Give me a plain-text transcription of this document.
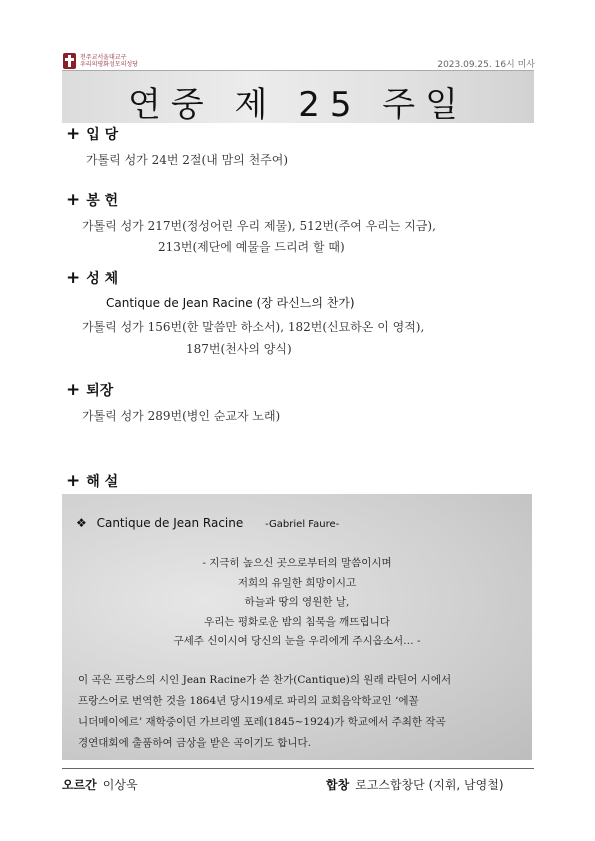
천주교서울대교구
우리의평화성모의성당	2023.09.25. 16시 미사
연중 제 25 주일
+ 입 당
가톨릭 성가 24번 2절(내 맘의 천주여)
+ 봉 헌
가톨릭 성가 217번(정성어린 우리 제물), 512번(주여 우리는 지금),
213번(제단에 예물을 드리려 할 때)
+ 성 체
Cantique de Jean Racine (장 라신느의 찬가)
가톨릭 성가 156번(한 말씀만 하소서), 182번(신묘하온 이 영적),
187번(천사의 양식)
+ 퇴장
가톨릭 성가 289번(병인 순교자 노래)
+ 해 설
❖ Cantique de Jean Racine -Gabriel Faure-
- 지극히 높으신 곳으로부터의 말씀이시며
저희의 유일한 희망이시고
하늘과 땅의 영원한 날,
우리는 평화로운 밤의 침묵을 깨뜨립니다
구세주 신이시여 당신의 눈을 우리에게 주시옵소서… -

이 곡은 프랑스의 시인 Jean Racine가 쓴 찬가(Cantique)의 원래 라틴어 시에서

프랑스어로 번역한 것을 1864년 당시19세로 파리의 교회음악학교인 ‘에꼴

니더메이에르’ 재학중이던 가브리엘 포레(1845~1924)가 학교에서 주최한 작곡

경연대회에 출품하여 금상을 받은 곡이기도 합니다.

오르간 이상욱	합창 로고스합창단 (지휘, 남영철)
